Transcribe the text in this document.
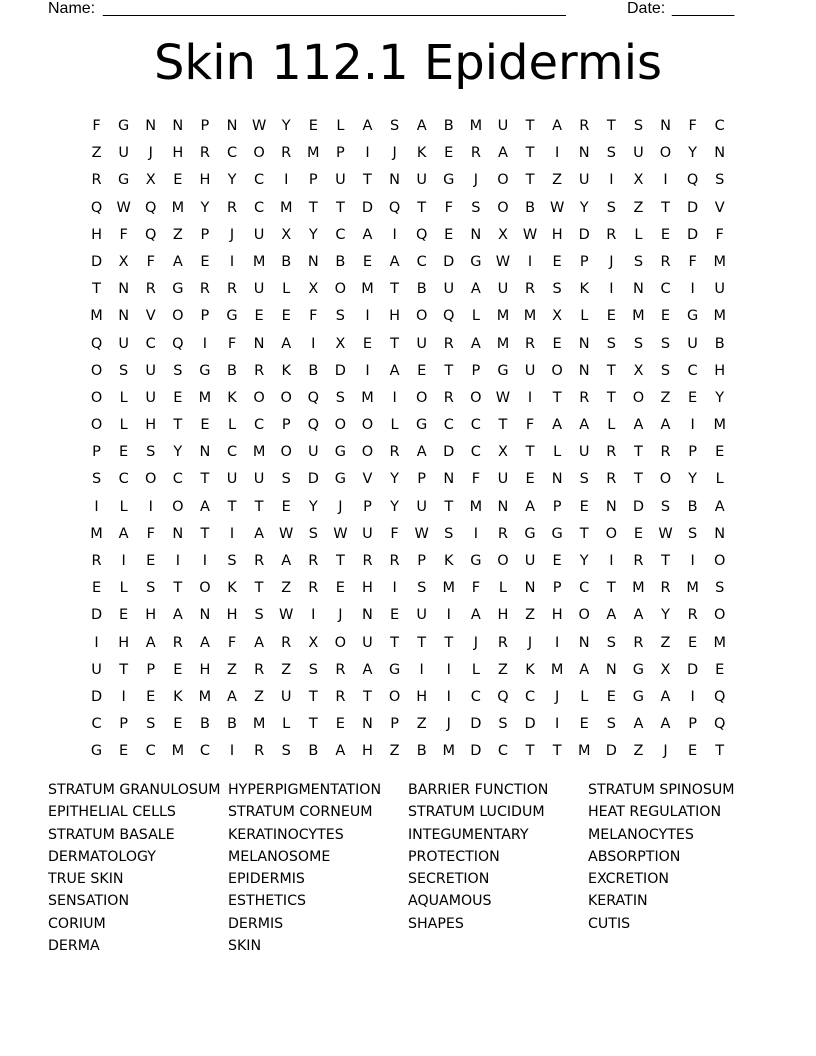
Name: ____________________________________________________	Date: _______
Skin 112.1 Epidermis
F	G	N	N	P	N	W	Y	E	L	A	S	A	B	M	U	T	A	R	T	S	N	F	C
Z	U	J	H	R	C	O	R	M	P	I	J	K	E	R	A	T	I	N	S	U	O	Y	N
R	G	X	E	H	Y	C	I	P	U	T	N	U	G	J	O	T	Z	U	I	X	I	Q	S
Q W Q	M	Y	R	C	M	T	T	D	Q	T	F	S	O	B	W	Y	S	Z	T	D	V
H	F	Q	Z	P	J	U	X	Y	C	A	I	Q	E	N	X	W H	D	R	L	E	D	F
D	X	F	A	E	I	M	B	N	B	E	A	C	D	G W	I	E	P	J	S	R	F	M
T	N	R	G	R	R	U	L	X	O	M	T	B	U	A	U	R	S	K	I	N	C	I	U
M	N	V	O	P	G	E	E	F	S	I	H	O	Q	L	M	M	X	L	E	M	E	G	M
Q	U	C	Q	I	F	N	A	I	X	E	T	U	R	A	M	R	E	N	S	S	S	U	B
O	S	U	S	G	B	R	K	B	D	I	A	E	T	P	G	U	O	N	T	X	S	C	H
O	L	U	E	M	K	O	O	Q	S	M	I	O	R	O W	I	T	R	T	O	Z	E	Y
O	L	H	T	E	L	C	P	Q	O	O	L	G	C	C	T	F	A	A	L	A	A	I	M
P	E	S	Y	N	C	M	O	U	G	O	R	A	D	C	X	T	L	U	R	T	R	P	E
S	C	O	C	T	U	U	S	D	G	V	Y	P	N	F	U	E	N	S	R	T	O	Y	L
I	L	I	O	A	T	T	E	Y	J	P	Y	U	T	M	N	A	P	E	N	D	S	B	A
M	A	F	N	T	I	A	W	S	W	U	F	W	S	I	R	G	G	T	O	E	W	S	N
R	I	E	I	I	S	R	A	R	T	R	R	P	K	G	O	U	E	Y	I	R	T	I	O
E	L	S	T	O	K	T	Z	R	E	H	I	S	M	F	L	N	P	C	T	M	R	M	S
D	E	H	A	N	H	S	W	I	J	N	E	U	I	A	H	Z	H	O	A	A	Y	R	O
I	H	A	R	A	F	A	R	X	O	U	T	T	T	J	R	J	I	N	S	R	Z	E	M
U	T	P	E	H	Z	R	Z	S	R	A	G	I	I	L	Z	K	M	A	N	G	X	D	E
D	I	E	K	M	A	Z	U	T	R	T	O	H	I	C	Q	C	J	L	E	G	A	I	Q
C	P	S	E	B	B	M	L	T	E	N	P	Z	J	D	S	D	I	E	S	A	A	P	Q
G	E	C	M	C	I	R	S	B	A	H	Z	B	M	D	C	T	T	M	D	Z	J	E	T
STRATUM GRANULOSUM
EPITHELIAL CELLS
STRATUM BASALE
DERMATOLOGY
TRUE SKIN
SENSATION
CORIUM
DERMA
HYPERPIGMENTATION
STRATUM CORNEUM
KERATINOCYTES
MELANOSOME
EPIDERMIS
ESTHETICS
DERMIS
SKIN
BARRIER FUNCTION
STRATUM LUCIDUM
INTEGUMENTARY
PROTECTION
SECRETION
AQUAMOUS
SHAPES
STRATUM SPINOSUM
HEAT REGULATION
MELANOCYTES
ABSORPTION
EXCRETION
KERATIN
CUTIS
